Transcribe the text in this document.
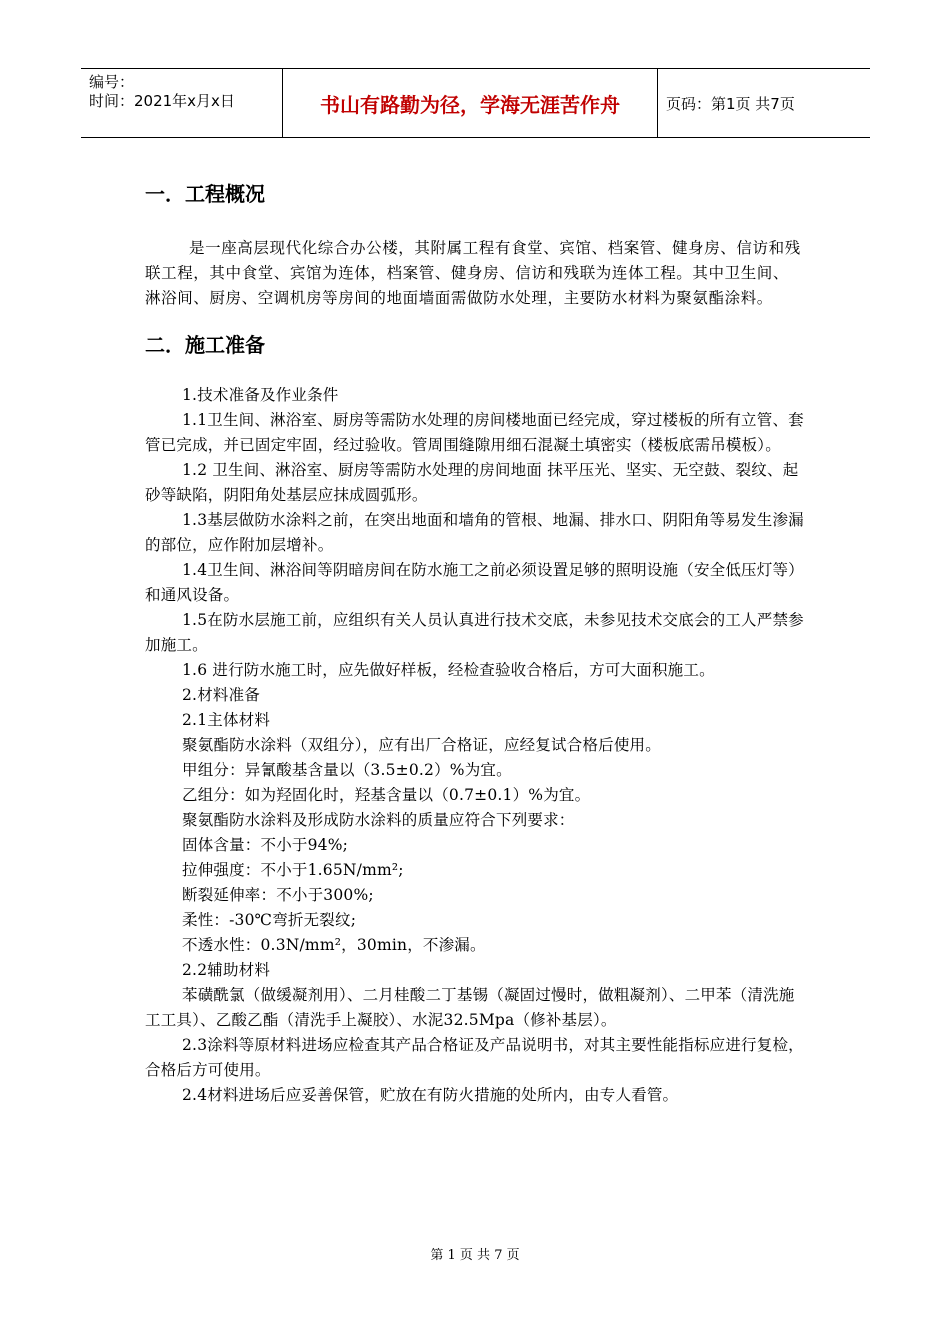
编号：
时间：2021年x月x日	书山有路勤为径，学海无涯苦作舟	页码：第1页 共7页
一．工程概况

是一座高层现代化综合办公楼，其附属工程有食堂、宾馆、档案管、健身房、信访和残联工程，其中食堂、宾馆为连体，档案管、健身房、信访和残联为连体工程。其中卫生间、淋浴间、厨房、空调机房等房间的地面墙面需做防水处理，主要防水材料为聚氨酯涂料。

二．施工准备

1.技术准备及作业条件

1.1卫生间、淋浴室、厨房等需防水处理的房间楼地面已经完成，穿过楼板的所有立管、套管已完成，并已固定牢固，经过验收。管周围缝隙用细石混凝土填密实（楼板底需吊模板）。

1.2 卫生间、淋浴室、厨房等需防水处理的房间地面 抹平压光、坚实、无空鼓、裂纹、起砂等缺陷，阴阳角处基层应抹成圆弧形。

1.3基层做防水涂料之前，在突出地面和墙角的管根、地漏、排水口、阴阳角等易发生渗漏的部位，应作附加层增补。

1.4卫生间、淋浴间等阴暗房间在防水施工之前必须设置足够的照明设施（安全低压灯等）和通风设备。

1.5在防水层施工前，应组织有关人员认真进行技术交底，未参见技术交底会的工人严禁参加施工。

1.6 进行防水施工时，应先做好样板，经检查验收合格后，方可大面积施工。

2.材料准备

2.1主体材料

聚氨酯防水涂料（双组分），应有出厂合格证，应经复试合格后使用。

甲组分：异氰酸基含量以（3.5±0.2）%为宜。

乙组分：如为羟固化时，羟基含量以（0.7±0.1）%为宜。

聚氨酯防水涂料及形成防水涂料的质量应符合下列要求：

固体含量：不小于94%;

拉伸强度：不小于1.65N/mm²;

断裂延伸率：不小于300%;

柔性：-30℃弯折无裂纹;

不透水性：0.3N/mm²，30min，不渗漏。

2.2辅助材料

苯磺酰氯（做缓凝剂用）、二月桂酸二丁基锡（凝固过慢时，做粗凝剂）、二甲苯（清洗施工工具）、乙酸乙酯（清洗手上凝胶）、水泥32.5Mpa（修补基层）。

2.3涂料等原材料进场应检查其产品合格证及产品说明书，对其主要性能指标应进行复检，合格后方可使用。

2.4材料进场后应妥善保管，贮放在有防火措施的处所内，由专人看管。

第 1 页 共 7 页
